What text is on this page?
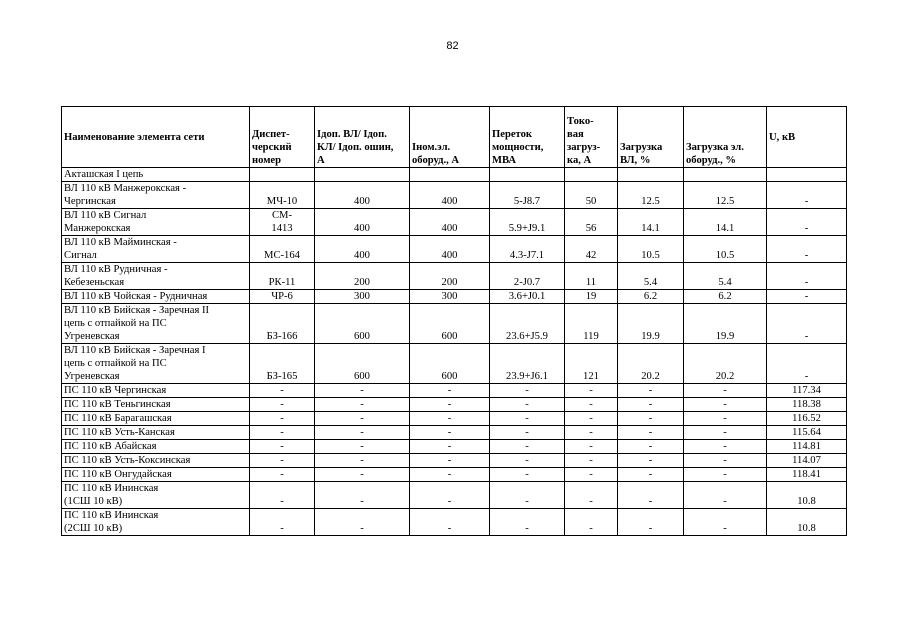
82
Наименование элемента сети	Диспет-
черский
номер	Iдоп. ВЛ/ Iдоп.
КЛ/ Iдоп. ошин,
А	Iном.эл.
оборуд., А	Переток
мощности,
МВА	Токо-
вая
загруз-
ка, А	Загрузка
ВЛ, %	Загрузка эл.
оборуд., %	U, кВ
Акташская I цепь								
ВЛ 110 кВ Манжерокская -
Чергинская	МЧ-10	400	400	5-J8.7	50	12.5	12.5	-
ВЛ 110 кВ Сигнал
Манжерокская	СМ-
1413	400	400	5.9+J9.1	56	14.1	14.1	-
ВЛ 110 кВ Майминская -
Сигнал	МС-164	400	400	4.3-J7.1	42	10.5	10.5	-
ВЛ 110 кВ Рудничная -
Кебезеньская	РК-11	200	200	2-J0.7	11	5.4	5.4	-
ВЛ 110 кВ Чойская - Рудничная	ЧР-6	300	300	3.6+J0.1	19	6.2	6.2	-
ВЛ 110 кВ Бийская - Заречная II
цепь с отпайкой на ПС
Угреневская	БЗ-166	600	600	23.6+J5.9	119	19.9	19.9	-
ВЛ 110 кВ Бийская - Заречная I
цепь с отпайкой на ПС
Угреневская	БЗ-165	600	600	23.9+J6.1	121	20.2	20.2	-
ПС 110 кВ Чергинская	-	-	-	-	-	-	-	117.34
ПС 110 кВ Теньгинская	-	-	-	-	-	-	-	118.38
ПС 110 кВ Барагашская	-	-	-	-	-	-	-	116.52
ПС 110 кВ Усть-Канская	-	-	-	-	-	-	-	115.64
ПС 110 кВ Абайская	-	-	-	-	-	-	-	114.81
ПС 110 кВ Усть-Коксинская	-	-	-	-	-	-	-	114.07
ПС 110 кВ Онгудайская	-	-	-	-	-	-	-	118.41
ПС 110 кВ Ининская
(1СШ 10 кВ)	-	-	-	-	-	-	-	10.8
ПС 110 кВ Ининская
(2СШ 10 кВ)	-	-	-	-	-	-	-	10.8
